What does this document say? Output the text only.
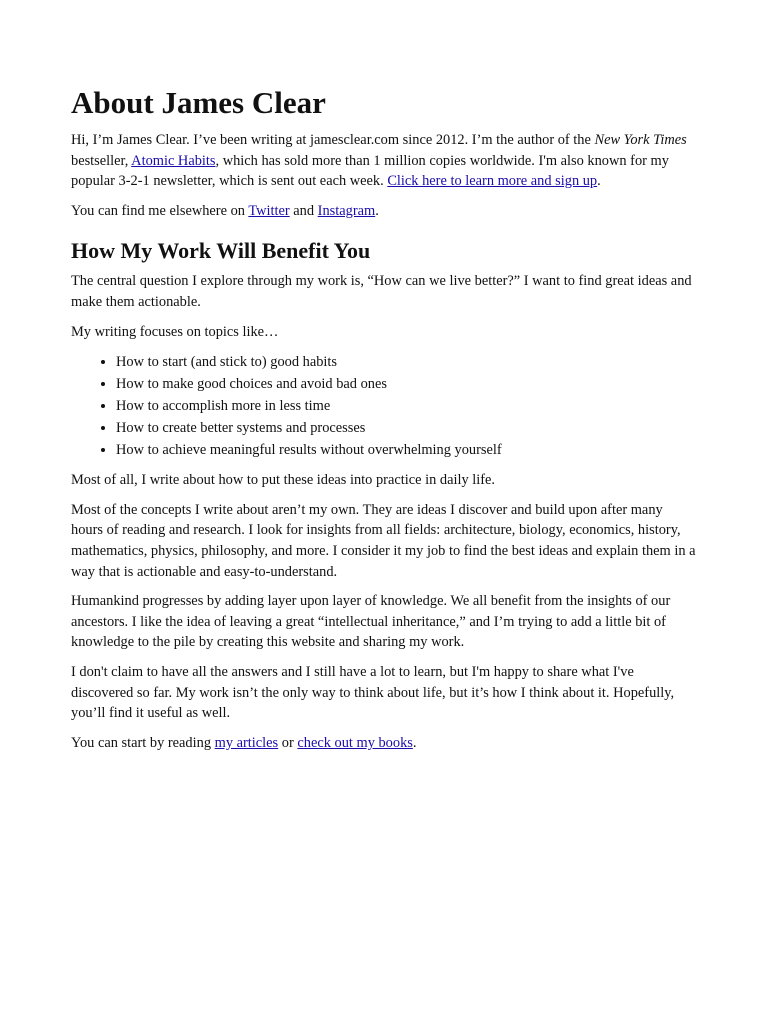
About James Clear

Hi, I’m James Clear. I’ve been writing at jamesclear.com since 2012. I’m the author of the New York Times bestseller, Atomic Habits, which has sold more than 1 million copies worldwide. I'm also known for my popular 3-2-1 newsletter, which is sent out each week. Click here to learn more and sign up.

You can find me elsewhere on Twitter and Instagram.

How My Work Will Benefit You

The central question I explore through my work is, “How can we live better?” I want to find great ideas and make them actionable.

My writing focuses on topics like…

• How to start (and stick to) good habits
• How to make good choices and avoid bad ones
• How to accomplish more in less time
• How to create better systems and processes
• How to achieve meaningful results without overwhelming yourself

Most of all, I write about how to put these ideas into practice in daily life.

Most of the concepts I write about aren’t my own. They are ideas I discover and build upon after many hours of reading and research. I look for insights from all fields: architecture, biology, economics, history, mathematics, physics, philosophy, and more. I consider it my job to find the best ideas and explain them in a way that is actionable and easy-to-understand.

Humankind progresses by adding layer upon layer of knowledge. We all benefit from the insights of our ancestors. I like the idea of leaving a great “intellectual inheritance,” and I’m trying to add a little bit of knowledge to the pile by creating this website and sharing my work.

I don't claim to have all the answers and I still have a lot to learn, but I'm happy to share what I've discovered so far. My work isn’t the only way to think about life, but it’s how I think about it. Hopefully, you’ll find it useful as well.

You can start by reading my articles or check out my books.
